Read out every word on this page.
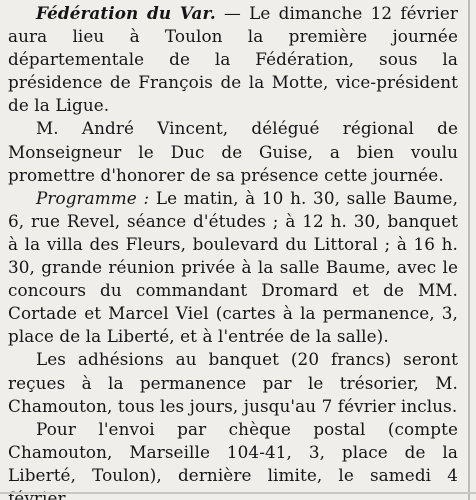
Fédération du Var. — Le dimanche 12 février aura lieu à Toulon la première journée départementale de la Fédération, sous la présidence de François de la Motte, vice-président de la Ligue.

M. André Vincent, délégué régional de Monseigneur le Duc de Guise, a bien voulu promettre d'honorer de sa présence cette journée.

Programme : Le matin, à 10 h. 30, salle Baume, 6, rue Revel, séance d'études ; à 12 h. 30, banquet à la villa des Fleurs, boulevard du Littoral ; à 16 h. 30, grande réunion privée à la salle Baume, avec le concours du commandant Dromard et de MM. Cortade et Marcel Viel (cartes à la permanence, 3, place de la Liberté, et à l'entrée de la salle).

Les adhésions au banquet (20 francs) seront reçues à la permanence par le trésorier, M. Chamouton, tous les jours, jusqu'au 7 février inclus.

Pour l'envoi par chèque postal (compte Chamouton, Marseille 104-41, 3, place de la Liberté, Toulon), dernière limite, le samedi 4
